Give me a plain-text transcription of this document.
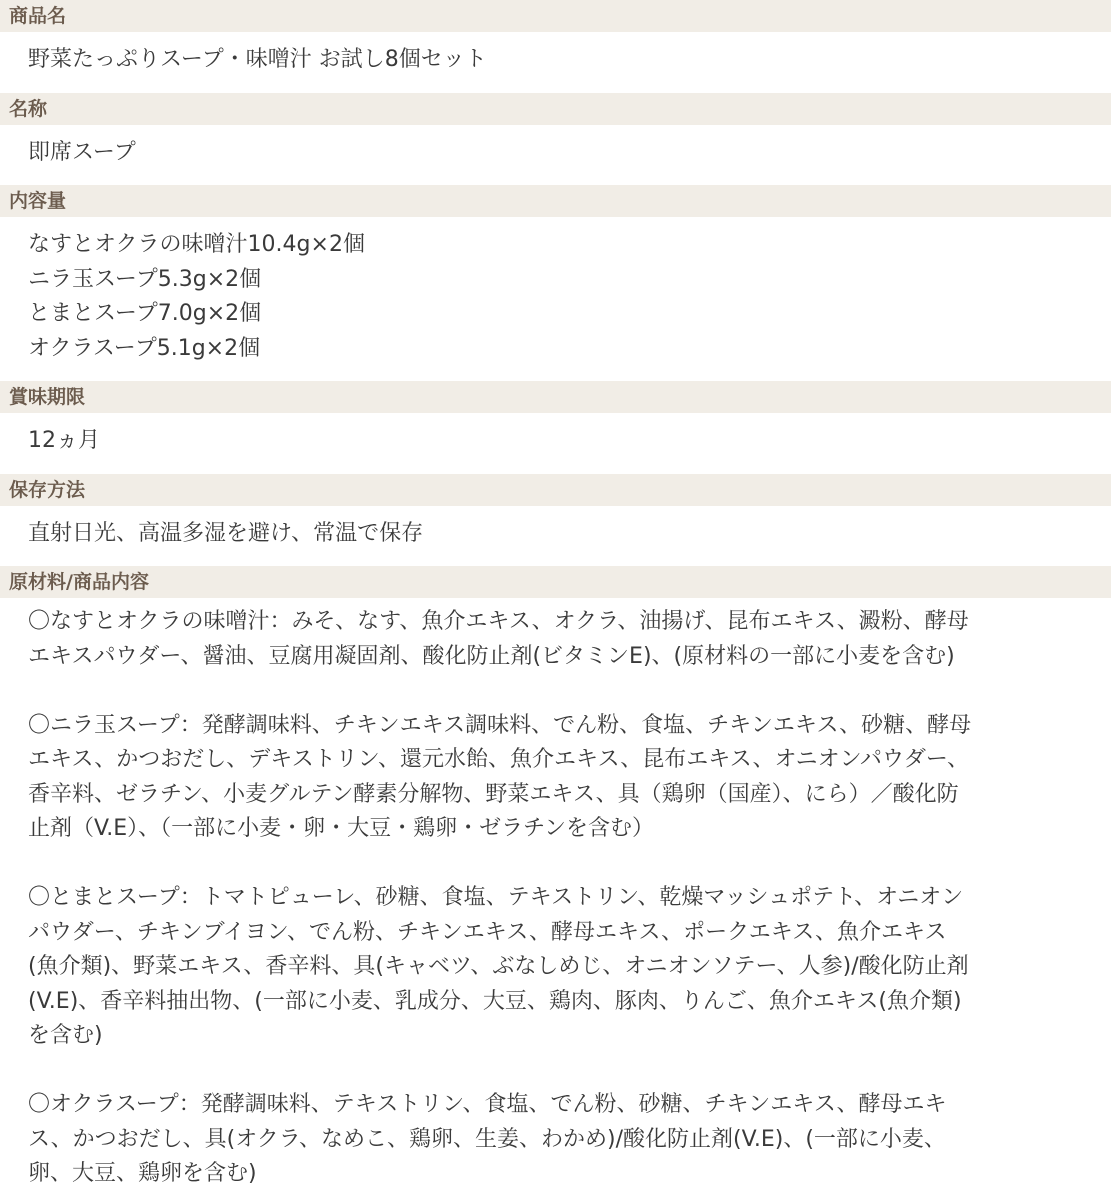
商品名
野菜たっぷりスープ・味噌汁 お試し8個セット
名称
即席スープ
内容量
なすとオクラの味噌汁10.4g×2個
ニラ玉スープ5.3g×2個
とまとスープ7.0g×2個
オクラスープ5.1g×2個
賞味期限
12ヵ月
保存方法
直射日光、高温多湿を避け、常温で保存
原材料/商品内容
〇なすとオクラの味噌汁：みそ、なす、魚介エキス、オクラ、油揚げ、昆布エキス、澱粉、酵母
エキスパウダー、醤油、豆腐用凝固剤、酸化防止剤(ビタミンE)、(原材料の一部に小麦を含む)
〇ニラ玉スープ：発酵調味料、チキンエキス調味料、でん粉、食塩、チキンエキス、砂糖、酵母
エキス、かつおだし、デキストリン、還元水飴、魚介エキス、昆布エキス、オニオンパウダー、
香辛料、ゼラチン、小麦グルテン酵素分解物、野菜エキス、具（鶏卵（国産）、にら）／酸化防
止剤（V.E）、（一部に小麦・卵・大豆・鶏卵・ゼラチンを含む）
〇とまとスープ：トマトピューレ、砂糖、食塩、テキストリン、乾燥マッシュポテト、オニオン
パウダー、チキンブイヨン、でん粉、チキンエキス、酵母エキス、ポークエキス、魚介エキス
(魚介類)、野菜エキス、香辛料、具(キャベツ、ぶなしめじ、オニオンソテー、人参)/酸化防止剤
(V.E)、香辛料抽出物、(一部に小麦、乳成分、大豆、鶏肉、豚肉、りんご、魚介エキス(魚介類)
を含む)
〇オクラスープ：発酵調味料、テキストリン、食塩、でん粉、砂糖、チキンエキス、酵母エキ
ス、かつおだし、具(オクラ、なめこ、鶏卵、生姜、わかめ)/酸化防止剤(V.E)、(一部に小麦、
卵、大豆、鶏卵を含む)
